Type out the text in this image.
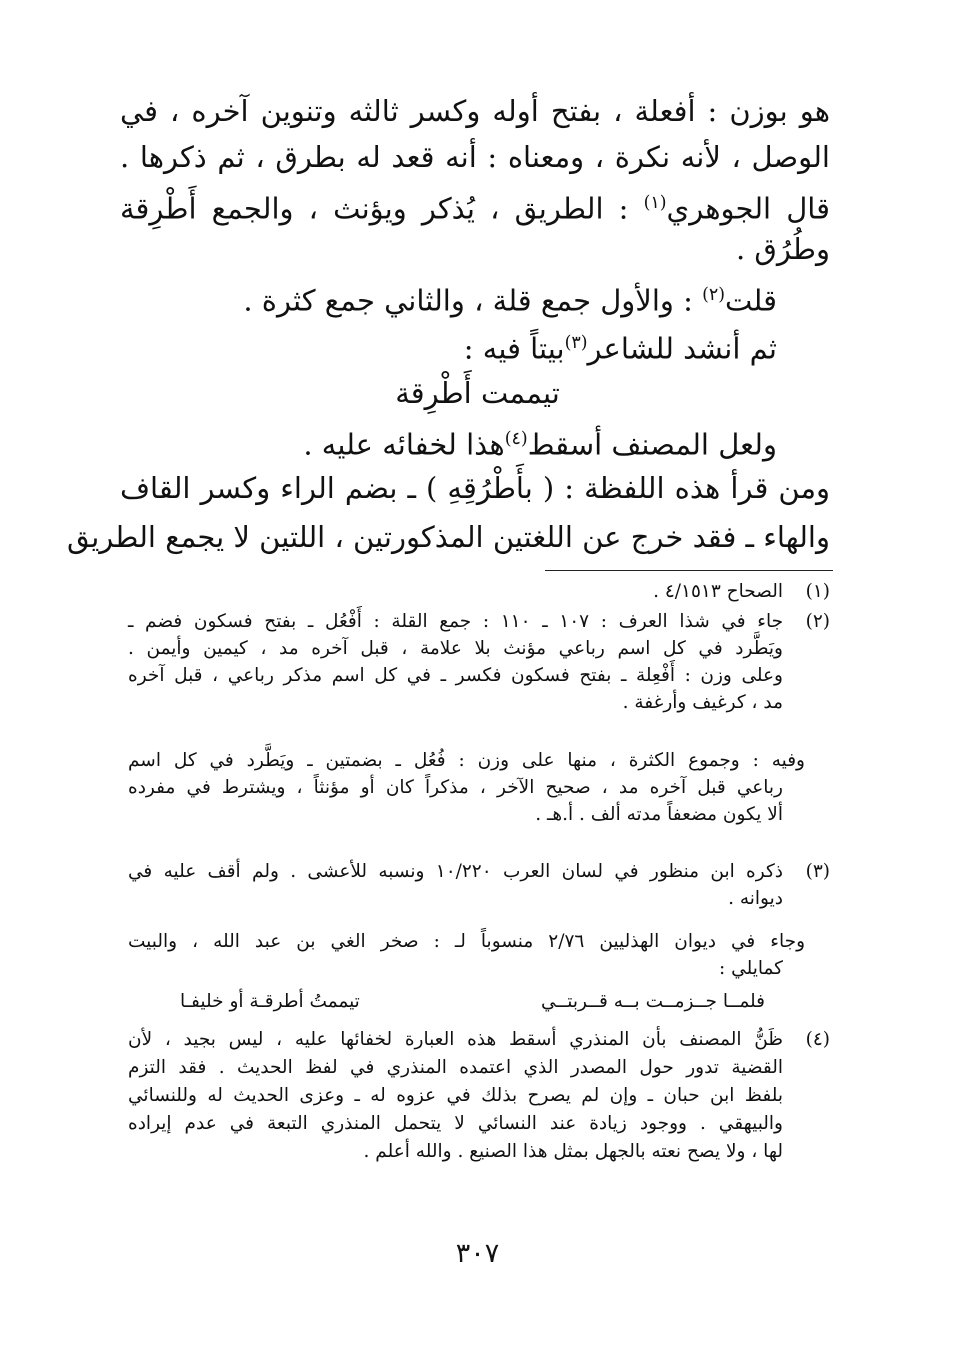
هو بوزن : أفعلة ، بفتح أوله وكسر ثالثه وتنوين آخره ، في
الوصل ، لأنه نكرة ، ومعناه : أنه قعد له بطرق ، ثم ذكرها .
قال الجوهري$^{(١)}$ : الطريق ، يُذكر ويؤنث ، والجمع أَطْرِقة
وطُرُق .
قلت$^{(٢)}$ : والأول جمع قلة ، والثاني جمع كثرة .
ثم أنشد للشاعر$^{(٣)}$بيتاً فيه :
تيممت أَطْرِقة
ولعل المصنف أسقط$^{(٤)}$هذا لخفائه عليه .
ومن قرأ هذه اللفظة : ( بأَطْرُقِهِ ) ـ بضم الراء وكسر القاف
والهاء ـ فقد خرج عن اللغتين المذكورتين ، اللتين لا يجمع الطريق
(١)
الصحاح ٤/١٥١٣ .
(٢)
جاء في شذا العرف : ١٠٧ ـ ١١٠ : جمع القلة : أَفْعُل ـ بفتح فسكون فضم ـ
ويَطَّرد في كل اسم رباعي مؤنث بلا علامة ، قبل آخره مد ، كيمين وأيمن .
وعلى وزن : أَفْعِلة ـ بفتح فسكون فكسر ـ في كل اسم مذكر رباعي ، قبل آخره
مد ، كرغيف وأرغفة .
وفيه : وجموع الكثرة ، منها على وزن : فُعُل ـ بضمتين ـ ويَطَّرد في كل اسم
رباعي قبل آخره مد ، صحيح الآخر ، مذكراً كان أو مؤنثاً ، ويشترط في مفرده
ألا يكون مضعفاً مدته ألف . أ.هـ .
(٣)
ذكره ابن منظور في لسان العرب ١٠/٢٢٠ ونسبه للأعشى . ولم أقف عليه في
ديوانه .
وجاء في ديوان الهذليين ٢/٧٦ منسوباً لـ : صخر الغي بن عبد الله ، والبيت
كمايلي :
فلمــا جــزمــت بــه قــربتــي
تيممتُ أطرقـة أو خليفـا
(٤)
ظَنُّ المصنف بأن المنذري أسقط هذه العبارة لخفائها عليه ، ليس بجيد ، لأن
القضية تدور حول المصدر الذي اعتمده المنذري في لفظ الحديث . فقد التزم
بلفظ ابن حبان ـ وإن لم يصرح بذلك في عزوه له ـ وعزى الحديث له وللنسائي
والبيهقي . ووجود زيادة عند النسائي لا يتحمل المنذري التبعة في عدم إيراده
لها ، ولا يصح نعته بالجهل بمثل هذا الصنيع . والله أعلم .
٣٠٧
